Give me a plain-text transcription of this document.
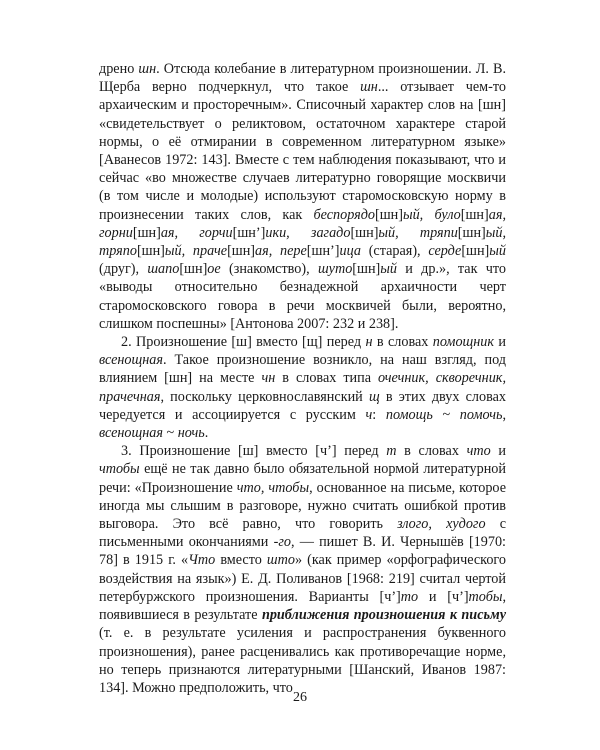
дрено шн. Отсюда колебание в литературном произношении. Л. В. Щерба верно подчеркнул, что такое шн... отзывает чем-то архаическим и просторечным». Списочный характер слов на [шн] «свидетельствует о реликтовом, остаточном характере старой нормы, о её отмирании в современном литературном языке» [Аванесов 1972: 143]. Вместе с тем наблюдения показывают, что и сейчас «во множестве случаев литературно говорящие москвичи (в том числе и молодые) используют старомосковскую норму в произнесении таких слов, как беспорядо[шн]ый, було[шн]ая, горни[шн]ая, горчи[шн’]ики, загадо[шн]ый, тряпи[шн]ый, тряпо[шн]ый, праче[шн]ая, пере[шн’]ица (старая), серде[шн]ый (друг), шапо[шн]ое (знакомство), шуто[шн]ый и др.», так что «выводы относительно безнадежной архаичности черт старомосковского говора в речи москвичей были, вероятно, слишком поспешны» [Антонова 2007: 232 и 238].

2. Произношение [ш] вместо [щ] перед н в словах помощник и всенощная. Такое произношение возникло, на наш взгляд, под влиянием [шн] на месте чн в словах типа очечник, скворечник, прачечная, поскольку церковнославянский щ в этих двух словах чередуется и ассоциируется с русским ч: помощь ~ помочь, всенощная ~ ночь.

3. Произношение [ш] вместо [ч’] перед т в словах что и чтобы ещё не так давно было обязательной нормой литературной речи: «Произношение что, чтобы, основанное на письме, которое иногда мы слышим в разговоре, нужно считать ошибкой против выговора. Это всё равно, что говорить злого, худого с письменными окончаниями -го, — пишет В. И. Чернышёв [1970: 78] в 1915 г. «Что вместо што» (как пример «орфографического воздействия на язык») Е. Д. Поливанов [1968: 219] считал чертой петербуржского произношения. Варианты [ч’]то и [ч’]тобы, появившиеся в результате приближения произношения к письму (т. е. в результате усиления и распространения буквенного произношения), ранее расценивались как противоречащие норме, но теперь признаются литературными [Шанский, Иванов 1987: 134]. Можно предположить, что

26
